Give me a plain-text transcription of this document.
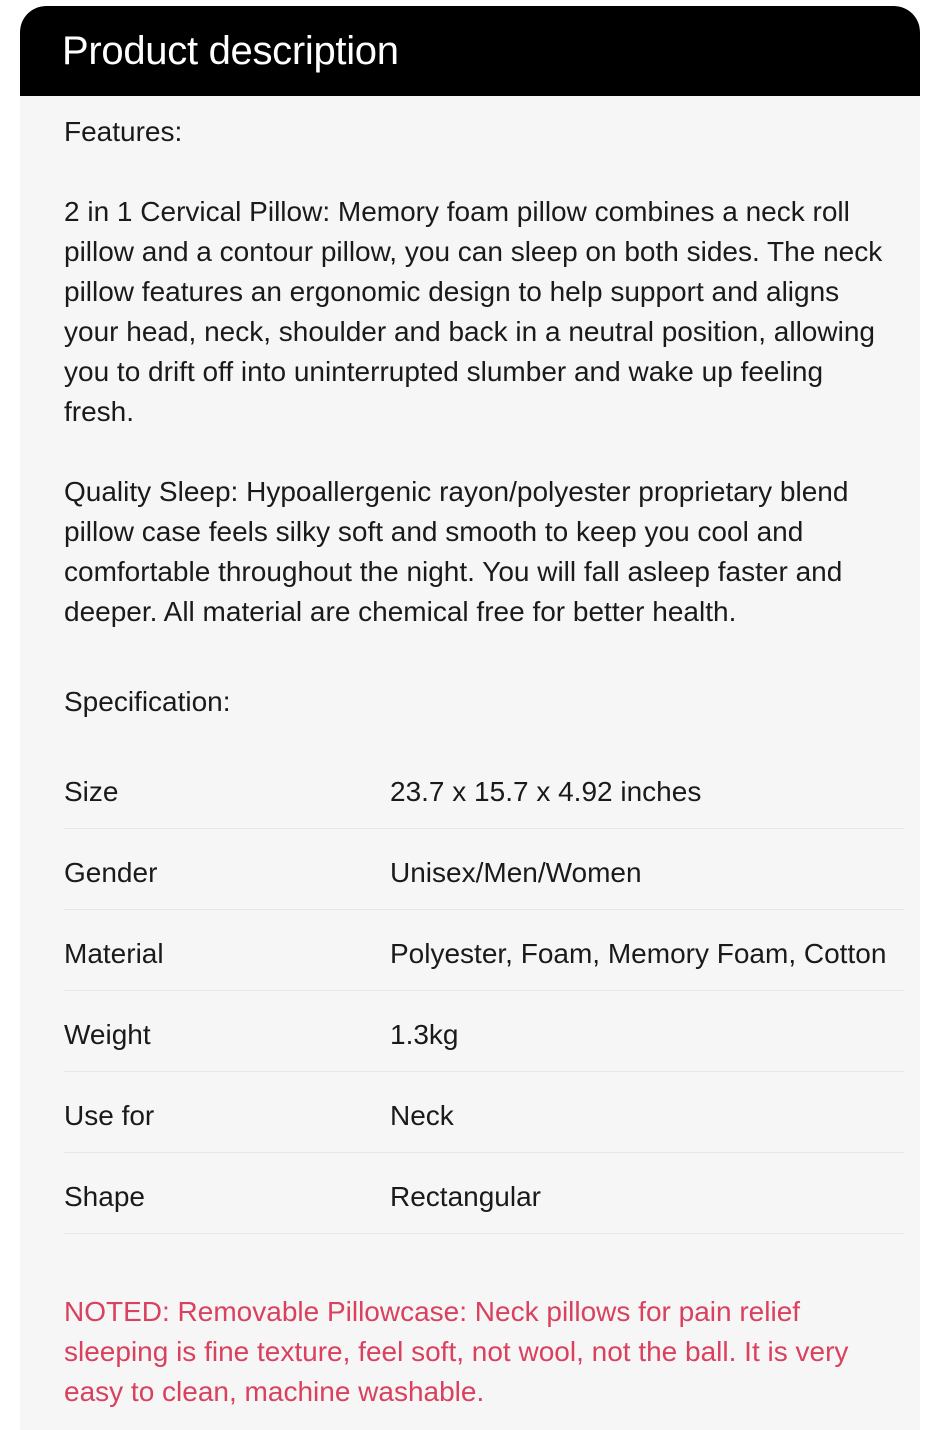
Product description
Features:
2 in 1 Cervical Pillow: Memory foam pillow combines a neck roll pillow and a contour pillow, you can sleep on both sides. The neck pillow features an ergonomic design to help support and aligns your head, neck, shoulder and back in a neutral position, allowing you to drift off into uninterrupted slumber and wake up feeling fresh.
Quality Sleep: Hypoallergenic rayon/polyester proprietary blend pillow case feels silky soft and smooth to keep you cool and comfortable throughout the night. You will fall asleep faster and deeper. All material are chemical free for better health.
Specification:
Size	23.7 x 15.7 x 4.92 inches
Gender	Unisex/Men/Women
Material	Polyester, Foam, Memory Foam, Cotton
Weight	1.3kg
Use for	Neck
Shape	Rectangular
NOTED: Removable Pillowcase: Neck pillows for pain relief sleeping is fine texture, feel soft, not wool, not the ball. It is very easy to clean, machine washable.
